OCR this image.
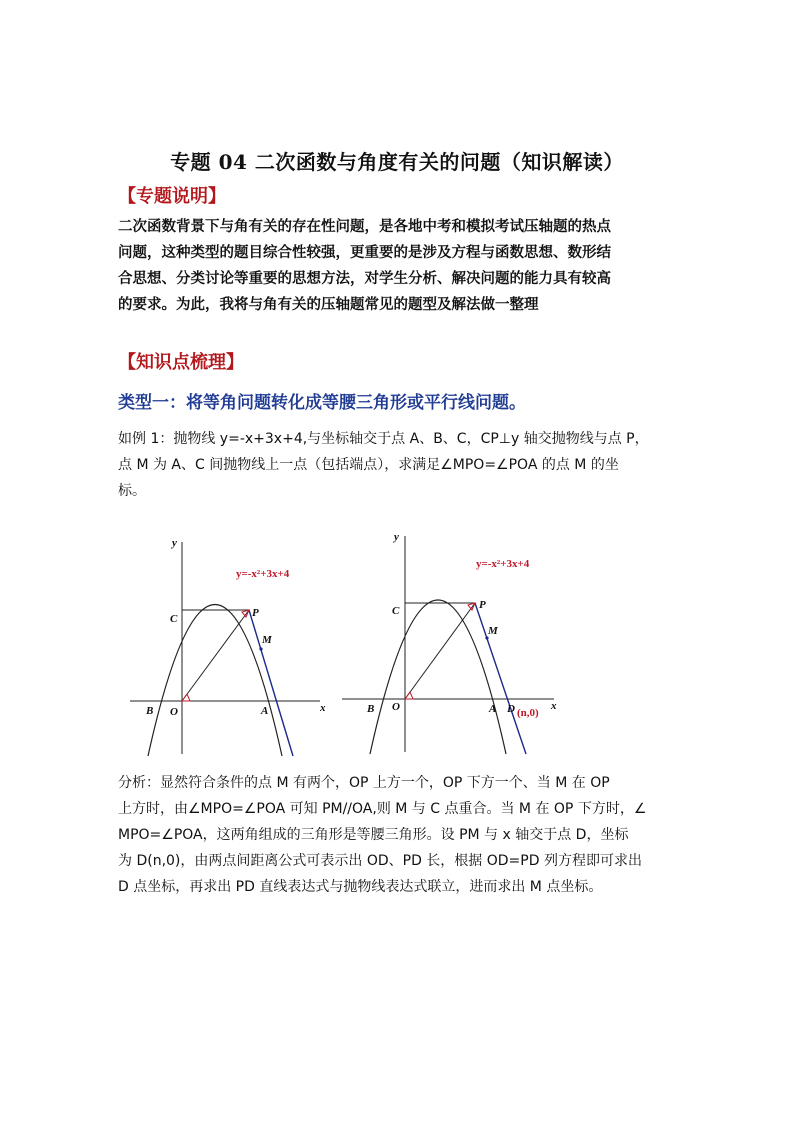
专题 04 二次函数与角度有关的问题（知识解读）
【专题说明】
二次函数背景下与角有关的存在性问题，是各地中考和模拟考试压轴题的热点
问题，这种类型的题目综合性较强，更重要的是涉及方程与函数思想、数形结
合思想、分类讨论等重要的思想方法，对学生分析、解决问题的能力具有较高
的要求。为此，我将与角有关的压轴题常见的题型及解法做一整理
【知识点梳理】
类型一：将等角问题转化成等腰三角形或平行线问题。
如例 1：抛物线 y=-x+3x+4,与坐标轴交于点 A、B、C，CP⊥y 轴交抛物线与点 P，
点 M 为 A、C 间抛物线上一点（包括端点），求满足∠MPO=∠POA 的点 M 的坐
标。
y=-x²+3x+4
y
x
O	A
B
C	P
M
y=-x²+3x+4
y
x
O	A
B
C	P
M
D (n,0)
分析：显然符合条件的点 M 有两个，OP 上方一个，OP 下方一个、当 M 在 OP
上方时，由∠MPO=∠POA 可知 PM//OA,则 M 与 C 点重合。当 M 在 OP 下方时，∠
MPO=∠POA，这两角组成的三角形是等腰三角形。设 PM 与 x 轴交于点 D，坐标
为 D(n,0)，由两点间距离公式可表示出 OD、PD 长，根据 OD=PD 列方程即可求出
D 点坐标，再求出 PD 直线表达式与抛物线表达式联立，进而求出 M 点坐标。
